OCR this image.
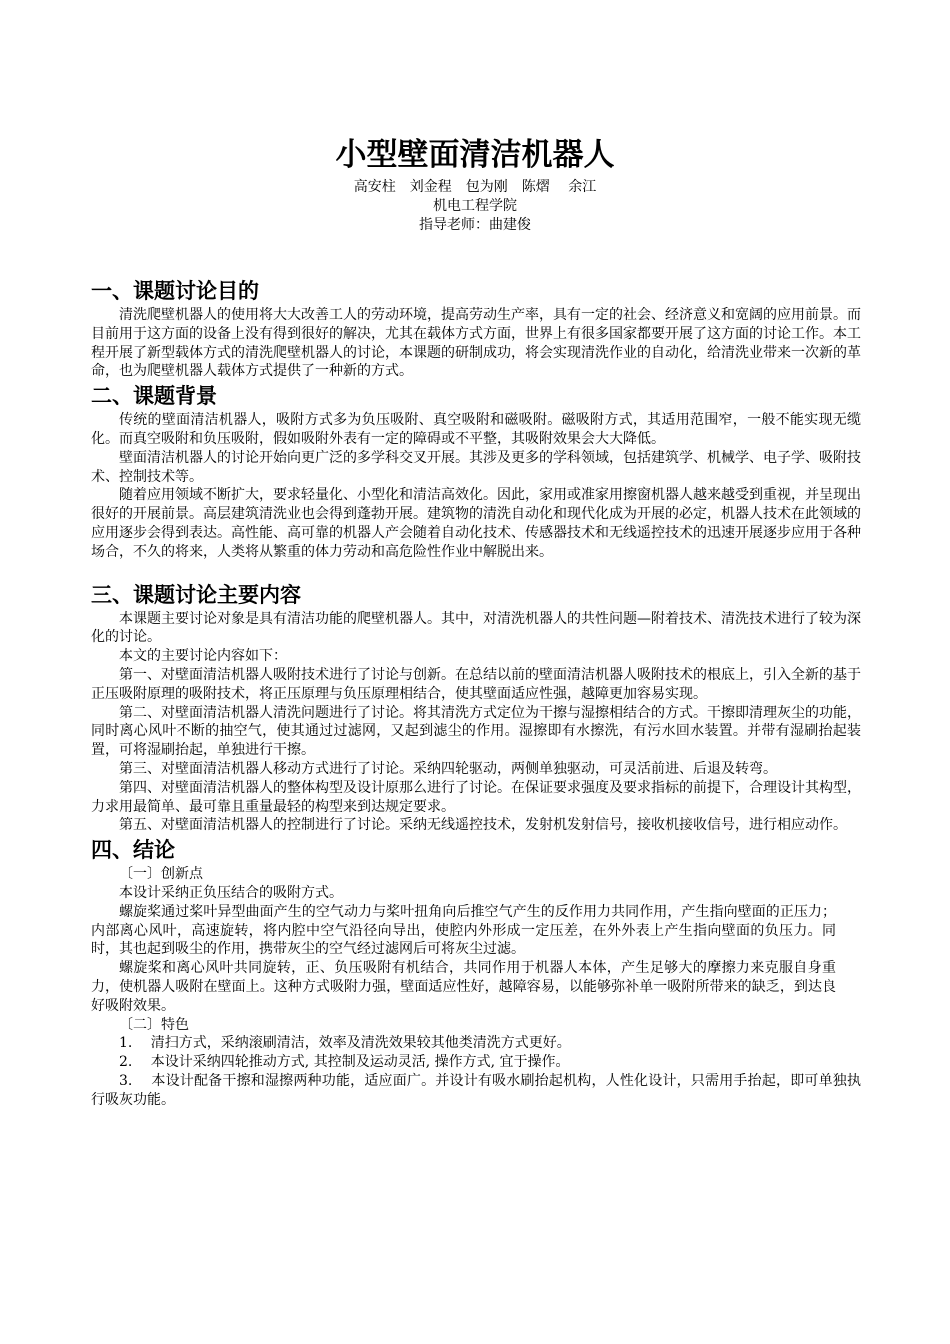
小型壁面清洁机器人

高安柱　刘金程　包为刚　陈熠　 余江

机电工程学院

指导老师：曲建俊

一、课题讨论目的

清洗爬壁机器人的使用将大大改善工人的劳动环境，提高劳动生产率，具有一定的社会、经济意义和宽阔的应用前景。而目前用于这方面的设备上没有得到很好的解决，尤其在载体方式方面，世界上有很多国家都要开展了这方面的讨论工作。本工程开展了新型载体方式的清洗爬壁机器人的讨论，本课题的研制成功，将会实现清洗作业的自动化，给清洗业带来一次新的革命，也为爬壁机器人载体方式提供了一种新的方式。

二、课题背景

传统的壁面清洁机器人，吸附方式多为负压吸附、真空吸附和磁吸附。磁吸附方式，其适用范围窄，一般不能实现无缆化。而真空吸附和负压吸附，假如吸附外表有一定的障碍或不平整，其吸附效果会大大降低。

壁面清洁机器人的讨论开始向更广泛的多学科交叉开展。其涉及更多的学科领域，包括建筑学、机械学、电子学、吸附技术、控制技术等。

随着应用领域不断扩大，要求轻量化、小型化和清洁高效化。因此，家用或准家用擦窗机器人越来越受到重视，并呈现出很好的开展前景。高层建筑清洗业也会得到蓬勃开展。建筑物的清洗自动化和现代化成为开展的必定，机器人技术在此领域的应用逐步会得到表达。高性能、高可靠的机器人产会随着自动化技术、传感器技术和无线遥控技术的迅速开展逐步应用于各种场合，不久的将来，人类将从繁重的体力劳动和高危险性作业中解脱出来。

三、课题讨论主要内容

本课题主要讨论对象是具有清洁功能的爬壁机器人。其中，对清洗机器人的共性问题—附着技术、清洗技术进行了较为深化的讨论。

本文的主要讨论内容如下：

第一、对壁面清洁机器人吸附技术进行了讨论与创新。在总结以前的壁面清洁机器人吸附技术的根底上，引入全新的基于正压吸附原理的吸附技术，将正压原理与负压原理相结合，使其壁面适应性强，越障更加容易实现。

第二、对壁面清洁机器人清洗问题进行了讨论。将其清洗方式定位为干擦与湿擦相结合的方式。干擦即清理灰尘的功能，同时离心风叶不断的抽空气，使其通过过滤网，又起到滤尘的作用。湿擦即有水擦洗，有污水回水装置。并带有湿刷抬起装置，可将湿刷抬起，单独进行干擦。

第三、对壁面清洁机器人移动方式进行了讨论。采纳四轮驱动，两侧单独驱动，可灵活前进、后退及转弯。

第四、对壁面清洁机器人的整体构型及设计原那么进行了讨论。在保证要求强度及要求指标的前提下，合理设计其构型，力求用最简单、最可靠且重量最轻的构型来到达规定要求。

第五、对壁面清洁机器人的控制进行了讨论。采纳无线遥控技术，发射机发射信号，接收机接收信号，进行相应动作。

四、结论

〔一〕创新点

本设计采纳正负压结合的吸附方式。

螺旋桨通过桨叶异型曲面产生的空气动力与桨叶扭角向后推空气产生的反作用力共同作用，产生指向壁面的正压力；内部离心风叶，高速旋转，将内腔中空气沿径向导出，使腔内外形成一定压差，在外外表上产生指向壁面的负压力。同时，其也起到吸尘的作用，携带灰尘的空气经过滤网后可将灰尘过滤。

螺旋桨和离心风叶共同旋转，正、负压吸附有机结合，共同作用于机器人本体，产生足够大的摩擦力来克服自身重力，使机器人吸附在壁面上。这种方式吸附力强，壁面适应性好，越障容易，以能够弥补单一吸附所带来的缺乏，到达良好吸附效果。

〔二〕特色

1.　 清扫方式，采纳滚刷清洁，效率及清洗效果较其他类清洗方式更好。

2.　 本设计采纳四轮推动方式, 其控制及运动灵活, 操作方式, 宜于操作。

3.　 本设计配备干擦和湿擦两种功能，适应面广。并设计有吸水刷抬起机构，人性化设计，只需用手抬起，即可单独执行吸灰功能。
